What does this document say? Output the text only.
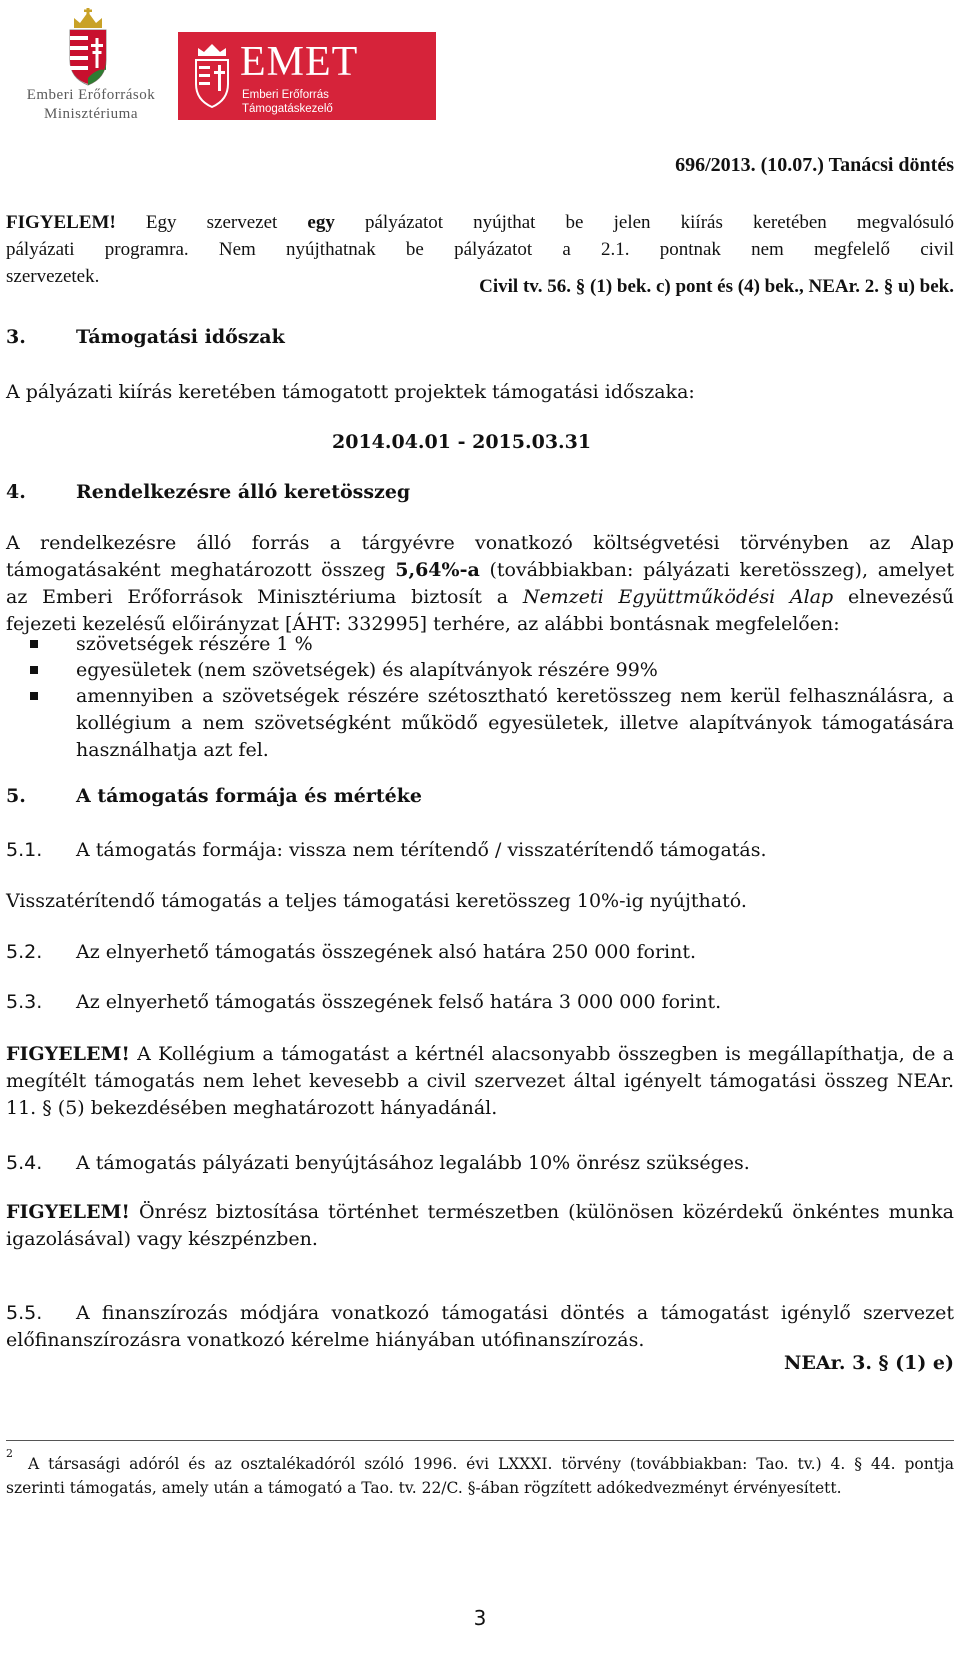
Emberi Erőforrások
Minisztériuma
EMET
Emberi Erőforrás
Támogatáskezelő
696/2013. (10.07.) Tanácsi döntés
FIGYELEM! Egy szervezet egy pályázatot nyújthat be jelen kiírás keretében megvalósuló
pályázati programra. Nem nyújthatnak be pályázatot a 2.1. pontnak nem megfelelő civil
szervezetek.	Civil tv. 56. § (1) bek. c) pont és (4) bek., NEAr. 2. § u) bek.
3.	Támogatási időszak
A pályázati kiírás keretében támogatott projektek támogatási időszaka:
2014.04.01 - 2015.03.31
4.	Rendelkezésre álló keretösszeg
A rendelkezésre álló forrás a tárgyévre vonatkozó költségvetési törvényben az Alap
támogatásaként meghatározott összeg 5,64%-a (továbbiakban: pályázati keretösszeg), amelyet
az Emberi Erőforrások Minisztériuma biztosít a Nemzeti Együttműködési Alap elnevezésű
fejezeti kezelésű előirányzat [ÁHT: 332995] terhére, az alábbi bontásnak megfelelően:
szövetségek részére 1 %
egyesületek (nem szövetségek) és alapítványok részére 99%
amennyiben a szövetségek részére szétosztható keretösszeg nem kerül felhasználásra, a
kollégium a nem szövetségként működő egyesületek, illetve alapítványok támogatására
használhatja azt fel.
5.	A támogatás formája és mértéke
5.1. A támogatás formája: vissza nem térítendő / visszatérítendő támogatás.
Visszatérítendő támogatás a teljes támogatási keretösszeg 10%-ig nyújtható.
5.2. Az elnyerhető támogatás összegének alsó határa 250 000 forint.
5.3. Az elnyerhető támogatás összegének felső határa 3 000 000 forint.
FIGYELEM! A Kollégium a támogatást a kértnél alacsonyabb összegben is megállapíthatja, de a
megítélt támogatás nem lehet kevesebb a civil szervezet által igényelt támogatási összeg NEAr.
11. § (5) bekezdésében meghatározott hányadánál.
5.4. A támogatás pályázati benyújtásához legalább 10% önrész szükséges.
FIGYELEM! Önrész biztosítása történhet természetben (különösen közérdekű önkéntes munka
igazolásával) vagy készpénzben.
5.5.	A finanszírozás módjára vonatkozó támogatási döntés a támogatást igénylő szervezet
előfinanszírozásra vonatkozó kérelme hiányában utófinanszírozás.
NEAr. 3. § (1) e)
2
A társasági adóról és az osztalékadóról szóló 1996. évi LXXXI. törvény (továbbiakban: Tao. tv.) 4. § 44. pontja
szerinti támogatás, amely után a támogató a Tao. tv. 22/C. §-ában rögzített adókedvezményt érvényesített.
3
